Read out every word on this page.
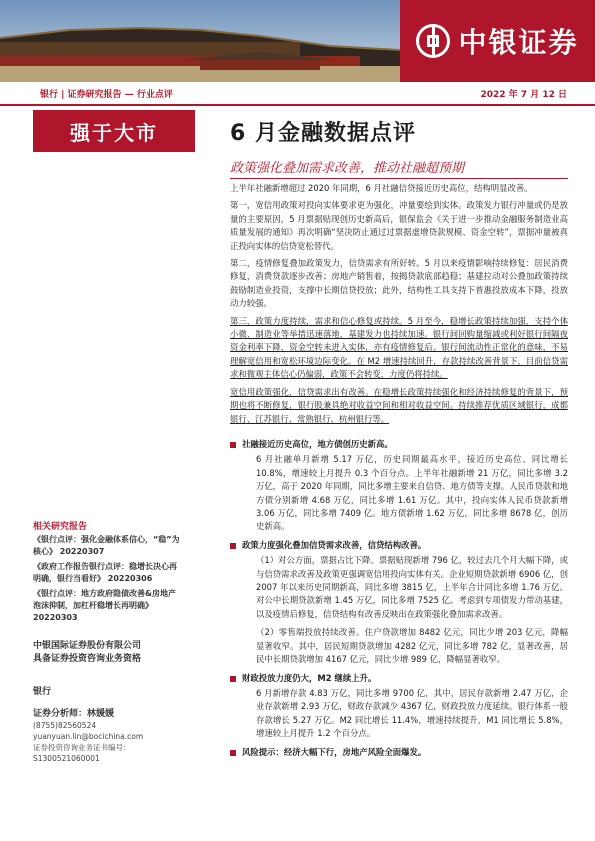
中银证券
银行 | 证券研究报告 — 行业点评	2022 年 7 月 12 日
强于大市
相关研究报告
《银行点评：强化金融体系信心，“稳”为核心》 20220307
《政府工作报告银行点评：稳增长决心再明确，银行当看好》 20220306
《银行点评：地方政府隐债改善&房地产泡沫抑制，加杠杆稳增长再明确》 20220303
中银国际证券股份有限公司
具备证券投资咨询业务资格
银行
证券分析师：林媛媛
(8755)82560524
yuanyuan.lin@bocichina.com
证券投资咨询业务证书编号：S1300521060001
6 月金融数据点评
政策强化叠加需求改善，推动社融超预期

上半年社融新增超过 2020 年同期，6 月社融信贷接近历史高位，结构明显改善。

第一，宽信用政策对投向实体要求更为强化，冲量要绘到实体。政策发力银行冲量或仍是放量的主要原因，5 月票据贴现创历史新高后，银保监会《关于进一步推动金融服务制造业高质量发展的通知》再次明确“坚决防止通过过票据虚增贷款规模、资金空转”，票据冲量被真正投向实体的信贷宽松替代。

第二，疫情修复叠加政策发力，信贷需求有所好转。5 月以来疫情影响持续修复：居民消费修复，消费贷款逐步改善；房地产销售着，按揭贷款底部趋稳；基建拉动对公叠加政策持续鼓励制造业投资，支撑中长期信贷投放；此外，结构性工具支持下普惠投放成本下降，投放动力较强。

第三，政策力度持续，需求和信心修复或持续。5 月至今，稳增长政策持续加强，支持个体小微、制造业等举措迅速落地，基建发力也持续加速。银行间回购量缩减或利好银行间隔夜资金利率下降，资金空转未进入实体，亦有疫情修复后。银行间流动性正常化的意味，不易理解宽信用和宽松环境边际变化。在 M2 增速持续回升，存款持续改善背景下，目前信贷需求和微观主体信心仍偏弱，政策不会转变，力度仍将持续。

宽信用政策强化，信贷需求出有改善。在稳增长政策持续强化和经济持续修复的背景下，预期也将不断修复，银行股兼具绝对收益空间和相对收益空间。持续推荐优质区域银行，成都银行、江苏银行、常熟银行、杭州银行等。

社融接近历史高位，地方债创历史新高。
6 月社融单月新增 5.17 万亿，历史同期最高水平，接近历史高位。同比增长 10.8%，增速较上月提升 0.3 个百分点。上半年社融新增 21 万亿，同比多增 3.2 万亿，高于 2020 年同期，同比多增主要来自信贷、地方债等支撑。人民币贷款和地方债分别新增 4.68 万亿，同比多增 1.61 万亿。其中，投向实体人民币贷款新增 3.06 万亿，同比多增 7409 亿。地方债新增 1.62 万亿，同比多增 8678 亿，创历史新高。
政策力度强化叠加信贷需求改善，信贷结构改善。
（1）对公方面，票据占比下降。票据贴现新增 796 亿，较过去几个月大幅下降，或与信贷需求改善及政策更强调宽信用投向实体有关。企业短期贷款新增 6906 亿，创 2007 年以来历史同期新高，同比多增 3815 亿，上半年合计同比多增 1.76 万亿。对公中长期贷款新增 1.45 万亿，同比多增 7525 亿。考虑到专项债发力带动基建，以及疫情后修复，信贷结构有改善反映出在政策强化叠加需求改善。
（2）零售端投放持续改善。住户贷款增加 8482 亿元，同比少增 203 亿元，降幅显著收窄。其中，居民短期贷款增加 4282 亿元，同比多增 782 亿，显著改善，居民中长期贷款增加 4167 亿元，同比少增 989 亿，降幅显著收窄。
财政投放力度仍大，M2 继续上升。
6 月新增存款 4.83 万亿，同比多增 9700 亿，其中，居民存款新增 2.47 万亿，企业存款新增 2.93 万亿，财政存款减少 4367 亿，财政投放力度延续。银行体系一般存款增长 5.27 万亿。M2 同比增长 11.4%，增速持续提升，M1 同比增长 5.8%，增速较上月提升 1.2 个百分点。
风险提示：经济大幅下行，房地产风险全面爆发。
